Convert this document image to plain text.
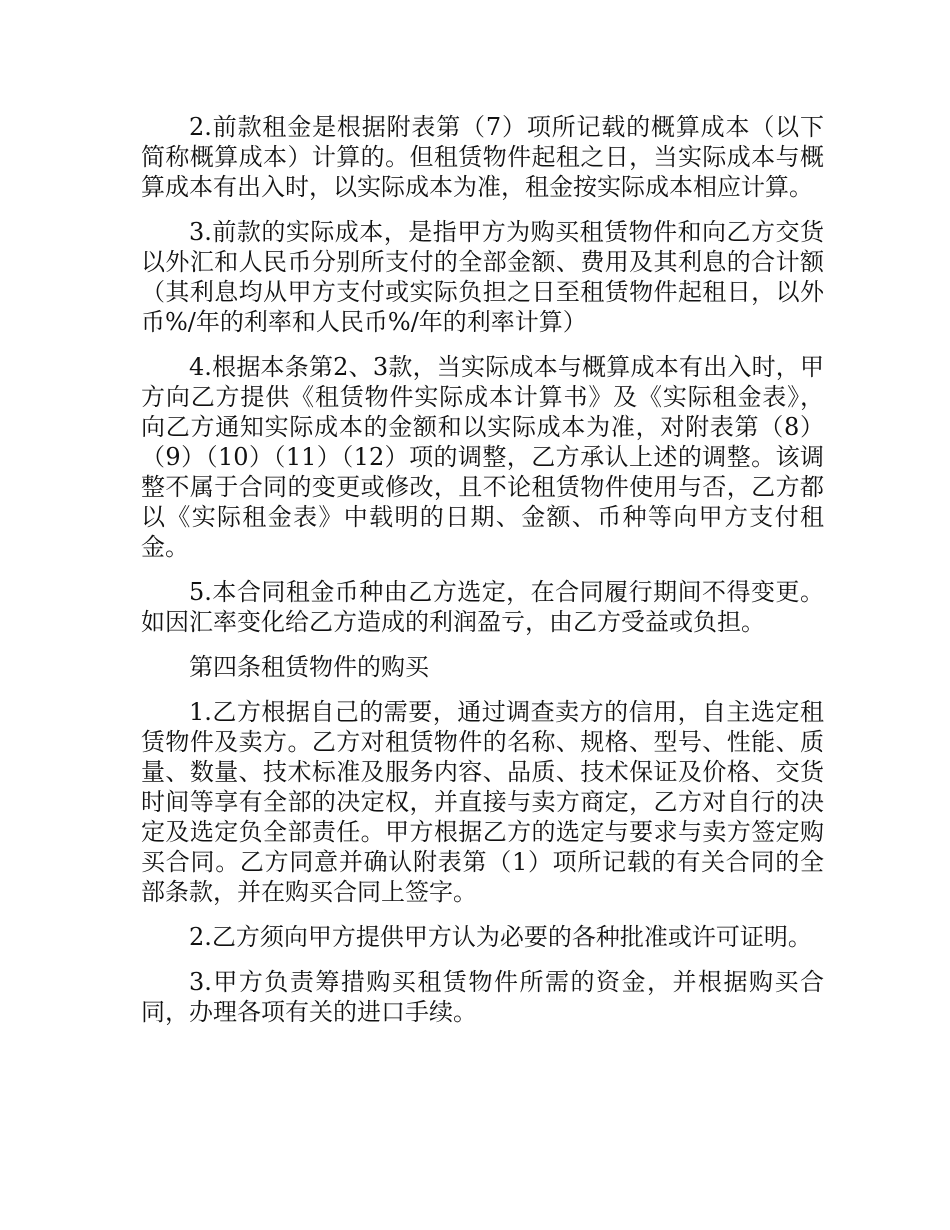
2.前款租金是根据附表第（7）项所记载的概算成本（以下简称概算成本）计算的。但租赁物件起租之日，当实际成本与概算成本有出入时，以实际成本为准，租金按实际成本相应计算。

3.前款的实际成本，是指甲方为购买租赁物件和向乙方交货以外汇和人民币分别所支付的全部金额、费用及其利息的合计额（其利息均从甲方支付或实际负担之日至租赁物件起租日，以外币%/年的利率和人民币%/年的利率计算）

4.根据本条第2、3款，当实际成本与概算成本有出入时，甲方向乙方提供《租赁物件实际成本计算书》及《实际租金表》，向乙方通知实际成本的金额和以实际成本为准，对附表第（8）（9）（10）（11）（12）项的调整，乙方承认上述的调整。该调整不属于合同的变更或修改，且不论租赁物件使用与否，乙方都以《实际租金表》中载明的日期、金额、币种等向甲方支付租金。

5.本合同租金币种由乙方选定，在合同履行期间不得变更。如因汇率变化给乙方造成的利润盈亏，由乙方受益或负担。

第四条租赁物件的购买

1.乙方根据自己的需要，通过调查卖方的信用，自主选定租赁物件及卖方。乙方对租赁物件的名称、规格、型号、性能、质量、数量、技术标准及服务内容、品质、技术保证及价格、交货时间等享有全部的决定权，并直接与卖方商定，乙方对自行的决定及选定负全部责任。甲方根据乙方的选定与要求与卖方签定购买合同。乙方同意并确认附表第（1）项所记载的有关合同的全部条款，并在购买合同上签字。

2.乙方须向甲方提供甲方认为必要的各种批准或许可证明。

3.甲方负责筹措购买租赁物件所需的资金，并根据购买合同，办理各项有关的进口手续。
